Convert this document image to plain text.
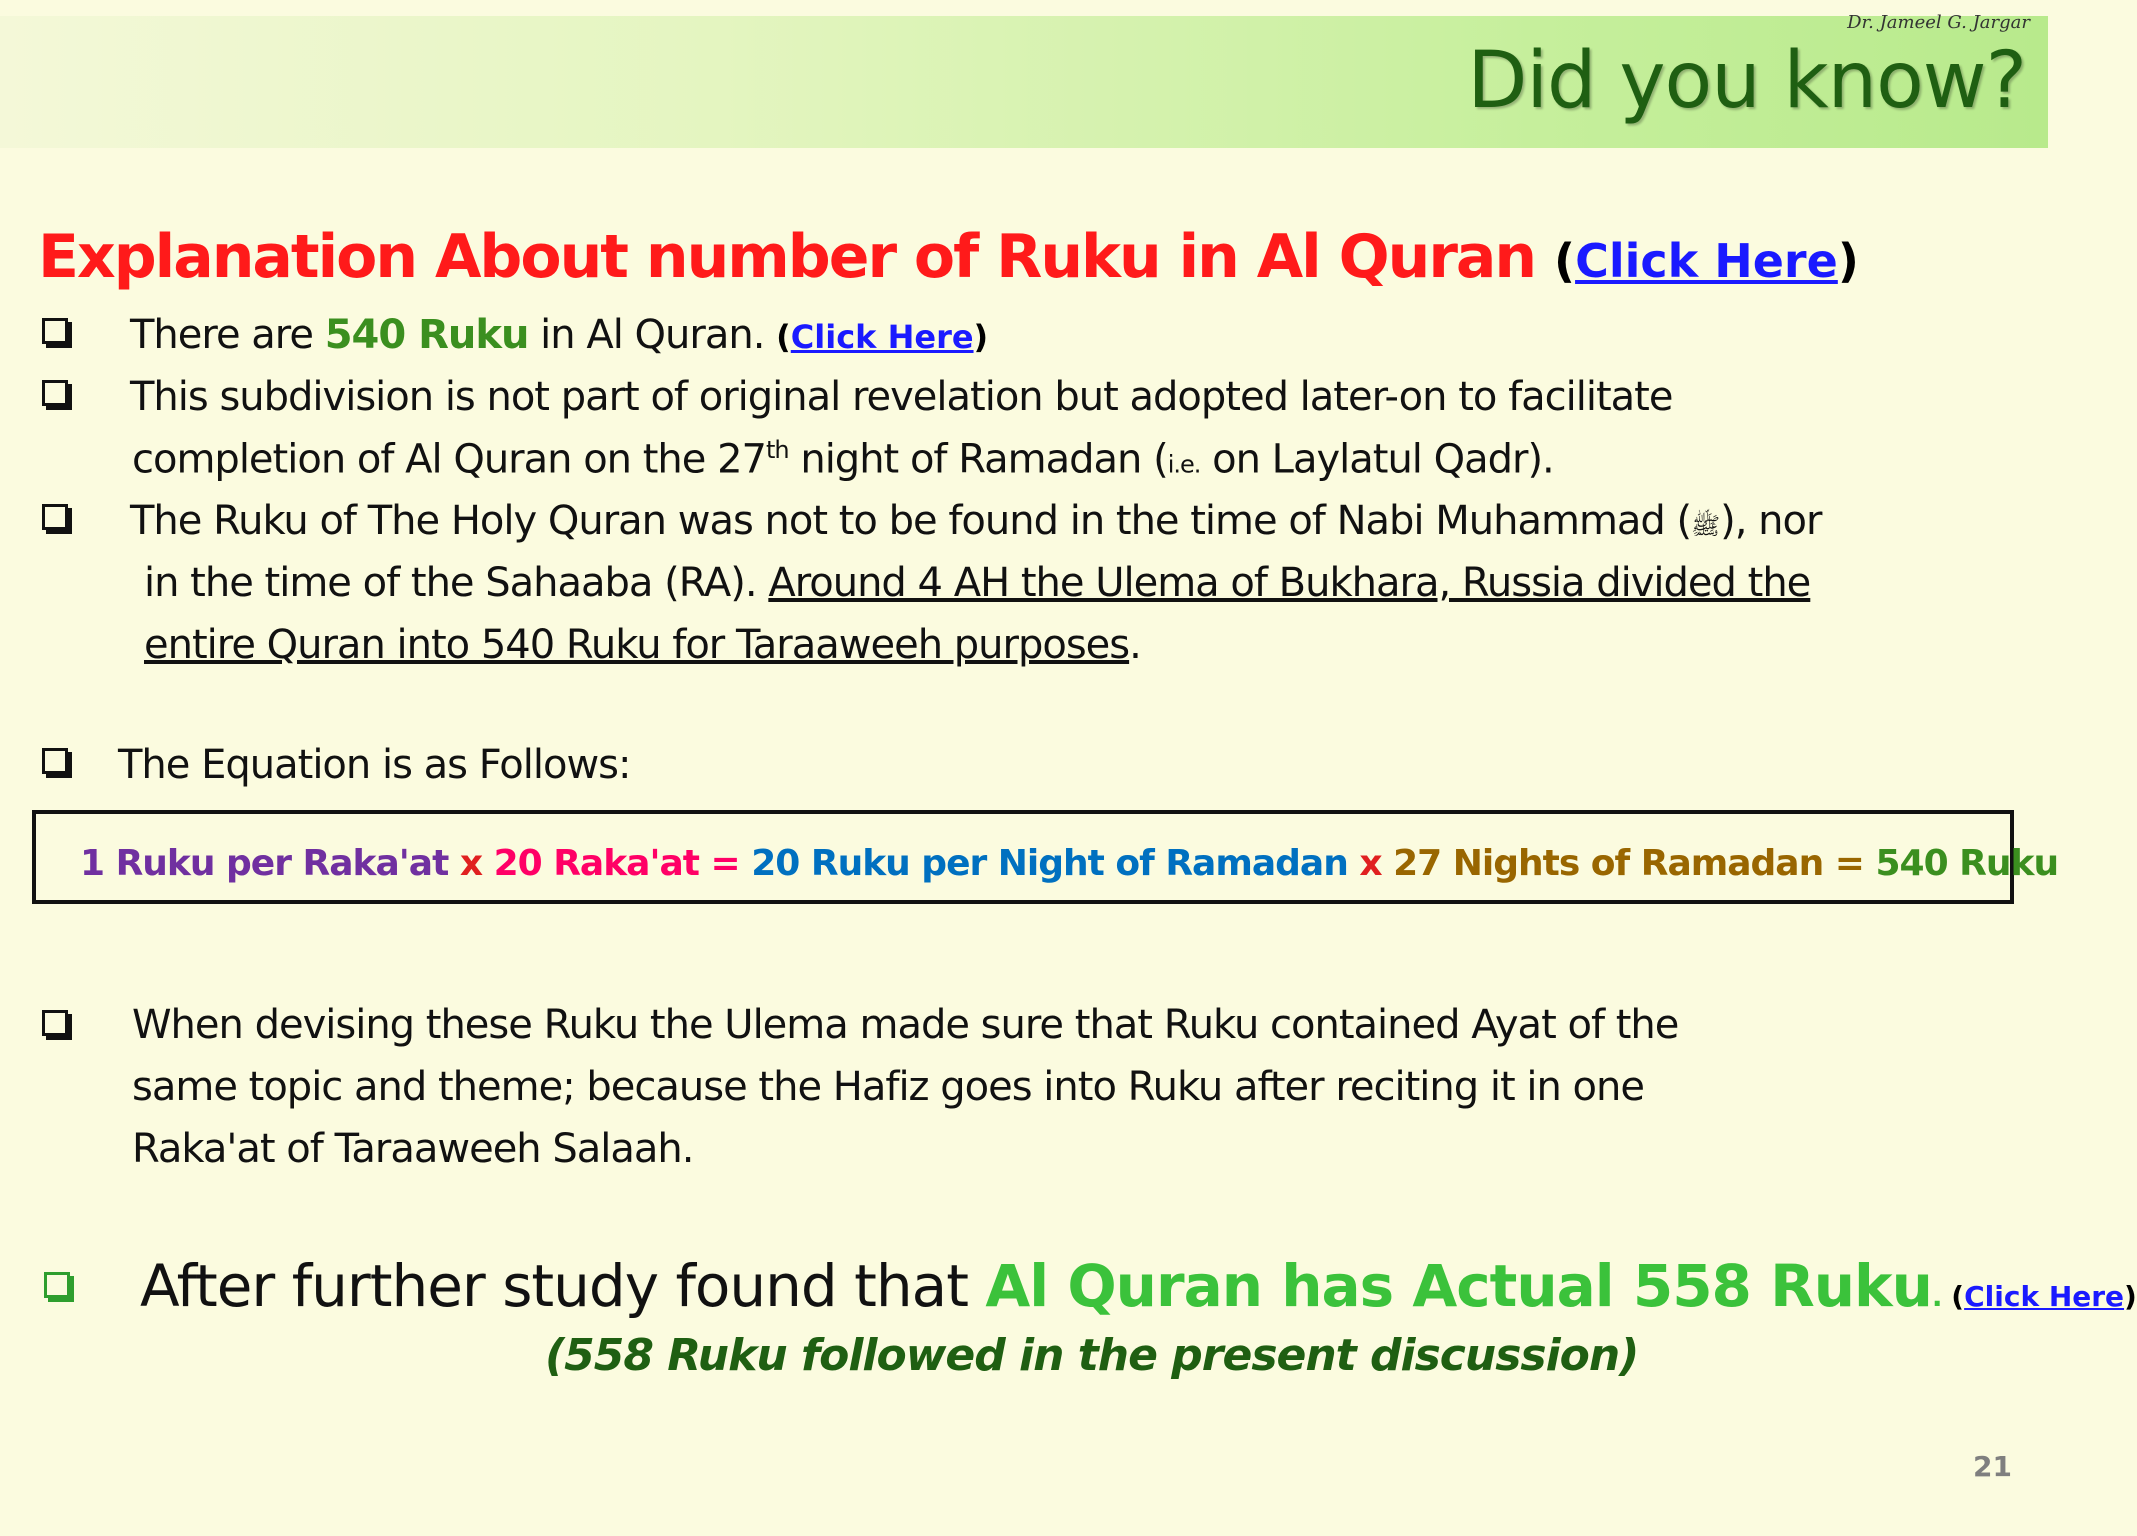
Dr. Jameel G. Jargar
Did you know?
Explanation About number of Ruku in Al Quran (Click Here)
There are 540 Ruku in Al Quran. (Click Here)
This subdivision is not part of original revelation but adopted later-on to facilitate
completion of Al Quran on the 27th night of Ramadan (i.e. on Laylatul Qadr).
The Ruku of The Holy Quran was not to be found in the time of Nabi Muhammad (ﷺ), nor
in the time of the Sahaaba (RA). Around 4 AH the Ulema of Bukhara, Russia divided the
entire Quran into 540 Ruku for Taraaweeh purposes.
The Equation is as Follows:
1 Ruku per Raka'at x 20 Raka'at = 20 Ruku per Night of Ramadan x 27 Nights of Ramadan = 540 Ruku
When devising these Ruku the Ulema made sure that Ruku contained Ayat of the
same topic and theme; because the Hafiz goes into Ruku after reciting it in one
Raka'at of Taraaweeh Salaah.
After further study found that Al Quran has Actual 558 Ruku. (Click Here)
(558 Ruku followed in the present discussion)
21
